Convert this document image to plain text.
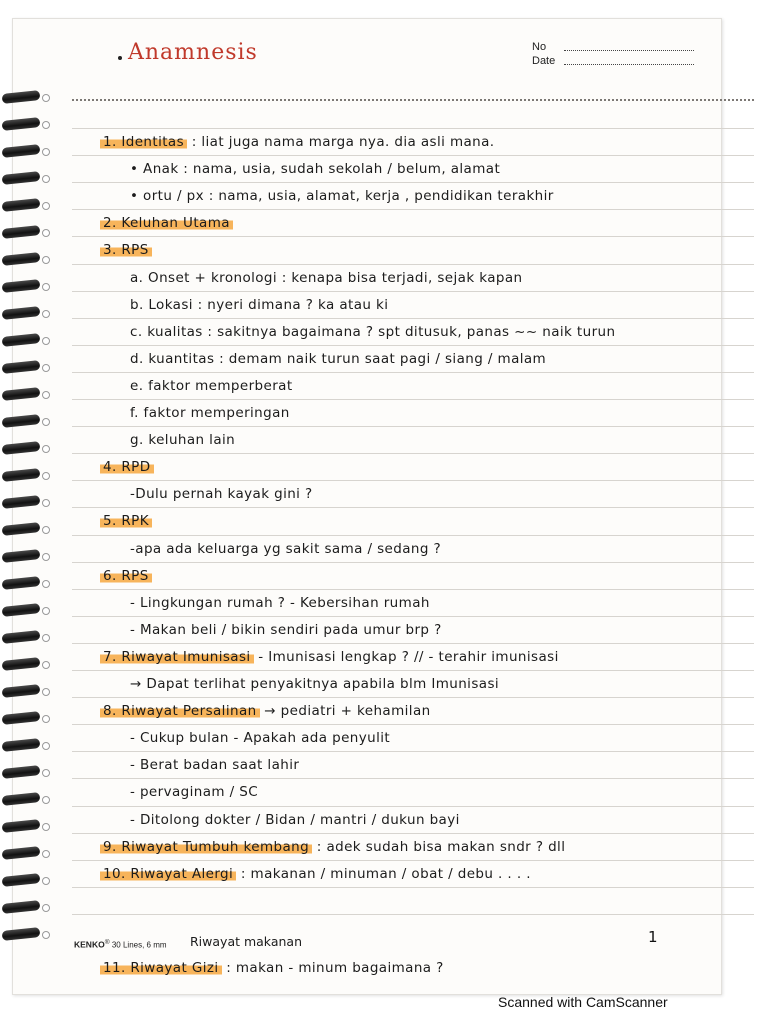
Anamnesis	No
Date
1. Identitas : liat juga nama marga nya. dia asli mana.
• Anak : nama, usia, sudah sekolah / belum, alamat
• ortu / px : nama, usia, alamat, kerja , pendidikan terakhir
2. Keluhan Utama
3. RPS
a. Onset + kronologi : kenapa bisa terjadi, sejak kapan
b. Lokasi : nyeri dimana ? ka atau ki
c. kualitas : sakitnya bagaimana ? spt ditusuk, panas ~~ naik turun
d. kuantitas : demam naik turun saat pagi / siang / malam
e. faktor memperberat
f. faktor memperingan
g. keluhan lain
4. RPD
-Dulu pernah kayak gini ?
5. RPK
-apa ada keluarga yg sakit sama / sedang ?
6. RPS
- Lingkungan rumah ? - Kebersihan rumah
- Makan beli / bikin sendiri pada umur brp ?
7. Riwayat Imunisasi - Imunisasi lengkap ? // - terahir imunisasi
→ Dapat terlihat penyakitnya apabila blm Imunisasi
8. Riwayat Persalinan → pediatri + kehamilan
- Cukup bulan - Apakah ada penyulit
- Berat badan saat lahir
- pervaginam / SC
- Ditolong dokter / Bidan / mantri / dukun bayi
9. Riwayat Tumbuh kembang : adek sudah bisa makan sndr ? dll
10. Riwayat Alergi : makanan / minuman / obat / debu . . . .
11. Riwayat Gizi : makan - minum bagaimana ?
KENKO® 30 Lines, 6 mm Riwayat makanan	1
Scanned with CamScanner
